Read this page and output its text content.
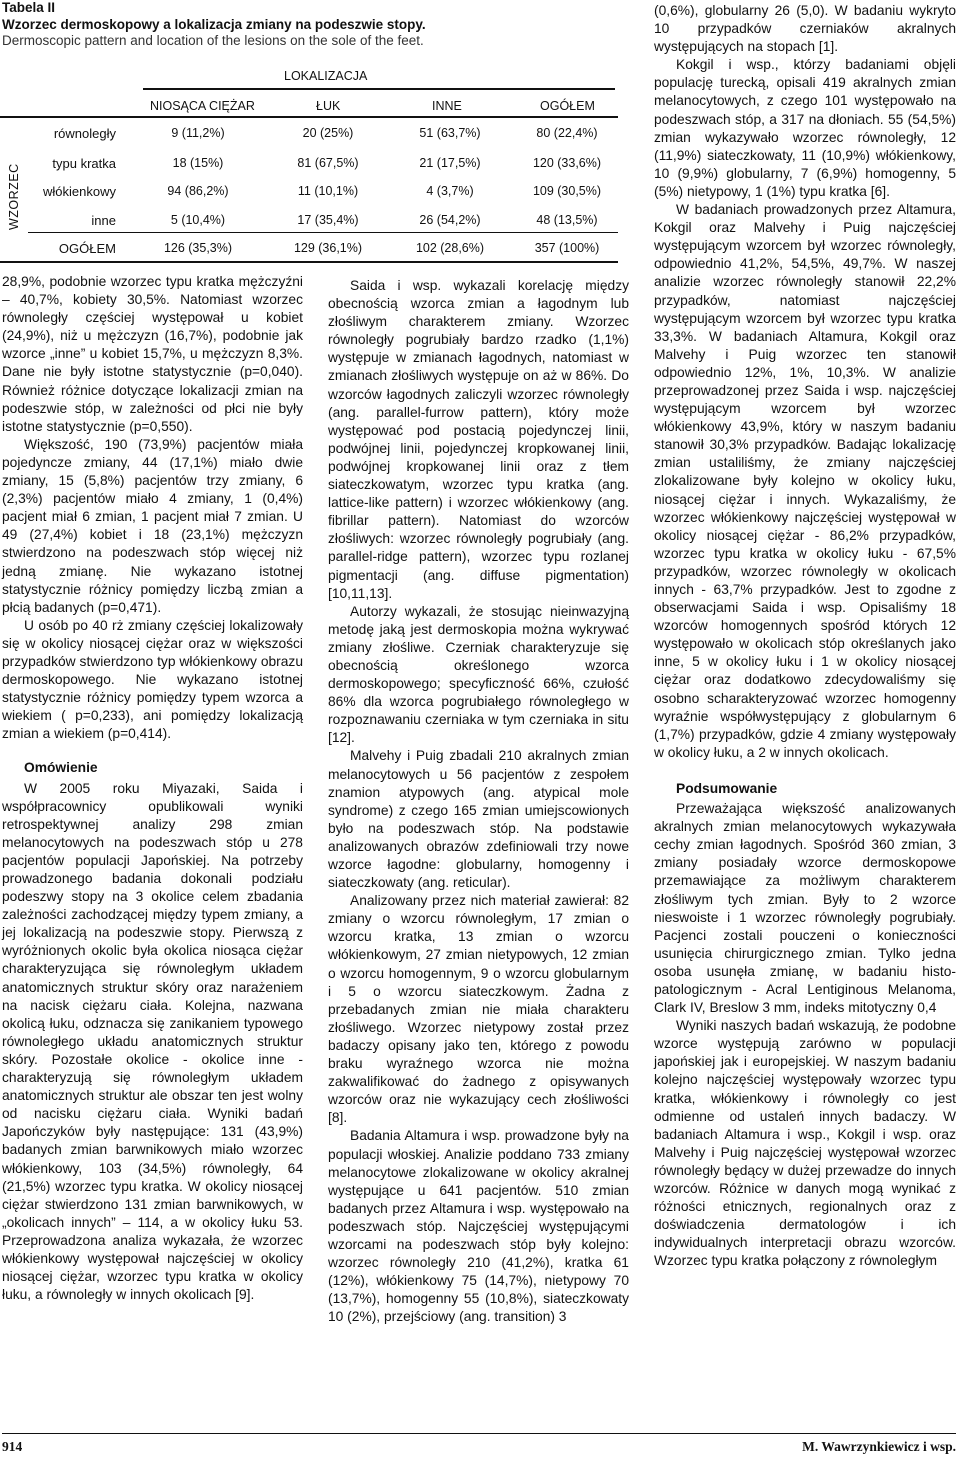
Tabela II
Wzorzec dermoskopowy a lokalizacja zmiany na podeszwie stopy.
Dermoscopic pattern and location of the lesions on the sole of the feet.
LOKALIZACJA
NIOSĄCA CIĘŻAR	ŁUK	INNE	OGÓŁEM
WZORZEC
równoległy	9 (11,2%)	20 (25%)	51 (63,7%)	80 (22,4%)
typu kratka	18 (15%)	81 (67,5%)	21 (17,5%)	120 (33,6%)
włókienkowy	94 (86,2%)	11 (10,1%)	4 (3,7%)	109 (30,5%)
inne	5 (10,4%)	17 (35,4%)	26 (54,2%)	48 (13,5%)
OGÓŁEM	126 (35,3%)	129 (36,1%)	102 (28,6%)	357 (100%)

28,9%, podobnie wzorzec typu kratka mężczyźni – 40,7%, kobiety 30,5%. Natomiast wzorzec równoległy częściej występował u kobiet (24,9%), niż u mężczyzn (16,7%), podobnie jak wzorce „inne” u kobiet 15,7%, u mężczyzn 8,3%. Dane nie były istotne statystycznie (p=0,040). Również różnice dotyczące lokalizacji zmian na podeszwie stóp, w zależności od płci nie były istotne statystycznie (p=0,550).

Większość, 190 (73,9%) pacjentów miała pojedyncze zmiany, 44 (17,1%) miało dwie zmiany, 15 (5,8%) pacjentów trzy zmiany, 6 (2,3%) pacjentów miało 4 zmiany, 1 (0,4%) pacjent miał 6 zmian, 1 pacjent miał 7 zmian. U 49 (27,4%) kobiet i 18 (23,1%) mężczyzn stwierdzono na podeszwach stóp więcej niż jedną zmianę. Nie wykazano istotnej statystycznie różnicy pomiędzy liczbą zmian a płcią badanych (p=0,471).

U osób po 40 rż zmiany częściej lokalizowały się w okolicy niosącej ciężar oraz w większości przypadków stwierdzono typ włókienkowy obrazu dermoskopowego. Nie wykazano istotnej statystycznie różnicy pomiędzy typem wzorca a wiekiem ( p=0,233), ani pomiędzy lokalizacją zmian a wiekiem (p=0,414).

Omówienie

W 2005 roku Miyazaki, Saida i współpracownicy opublikowali wyniki retrospektywnej analizy 298 zmian melanocytowych na podeszwach stóp u 278 pacjentów populacji Japońskiej. Na potrzeby prowadzonego badania dokonali podziału podeszwy stopy na 3 okolice celem zbadania zależności zachodzącej między typem zmiany, a jej lokalizacją na podeszwie stopy. Pierwszą z wyróżnionych okolic była okolica niosąca ciężar charakteryzująca się równoległym układem anatomicznych struktur skóry oraz narażeniem na nacisk ciężaru ciała. Kolejna, nazwana okolicą łuku, odznacza się zanikaniem typowego równoległego układu anatomicznych struktur skóry. Pozostałe okolice - okolice inne - charakteryzują się równoległym układem anatomicznych struktur ale obszar ten jest wolny od nacisku ciężaru ciała. Wyniki badań Japończyków były następujące: 131 (43,9%) badanych zmian barwnikowych miało wzorzec włókienkowy, 103 (34,5%) równoległy, 64 (21,5%) wzorzec typu kratka. W okolicy niosącej ciężar stwierdzono 131 zmian barwnikowych, w „okolicach innych” – 114, a w okolicy łuku 53. Przeprowadzona analiza wykazała, że wzorzec włókienkowy występował najczęściej w okolicy niosącej ciężar, wzorzec typu kratka w okolicy łuku, a równoległy w innych okolicach [9].

Saida i wsp. wykazali korelację między obecnością wzorca zmian a łagodnym lub złośliwym charakterem zmiany. Wzorzec równoległy pogrubiały bardzo rzadko (1,1%) występuje w zmianach łagodnych, natomiast w zmianach złośliwych występuje on aż w 86%. Do wzorców łagodnych zaliczyli wzorzec równoległy (ang. parallel-furrow pattern), który może występować pod postacią pojedynczej linii, podwójnej linii, pojedynczej kropkowanej linii, podwójnej kropkowanej linii oraz z tłem siateczkowatym, wzorzec typu kratka (ang. lattice-like pattern) i wzorzec włókienkowy (ang. fibrillar pattern). Natomiast do wzorców złośliwych: wzorzec równoległy pogrubiały (ang. parallel-ridge pattern), wzorzec typu rozlanej pigmentacji (ang. diffuse pigmentation) [10,11,13].

Autorzy wykazali, że stosując nieinwazyjną metodę jaką jest dermoskopia można wykrywać zmiany złośliwe. Czerniak charakteryzuje się obecnością określonego wzorca dermoskopowego; specyficzność 66%, czułość 86% dla wzorca pogrubiałego równoległego w rozpoznawaniu czerniaka w tym czerniaka in situ [12].

Malvehy i Puig zbadali 210 akralnych zmian melanocytowych u 56 pacjentów z zespołem znamion atypowych (ang. atypical mole syndrome) z czego 165 zmian umiejscowionych było na podeszwach stóp. Na podstawie analizowanych obrazów zdefiniowali trzy nowe wzorce łagodne: globularny, homogenny i siateczkowaty (ang. reticular).

Analizowany przez nich materiał zawierał: 82 zmiany o wzorcu równoległym, 17 zmian o wzorcu kratka, 13 zmian o wzorcu włókienkowym, 27 zmian nietypowych, 12 zmian o wzorcu homogennym, 9 o wzorcu globularnym i 5 o wzorcu siateczkowym. Żadna z przebadanych zmian nie miała charakteru złośliwego. Wzorzec nietypowy został przez badaczy opisany jako ten, którego z powodu braku wyraźnego wzorca nie można zakwalifikować do żadnego z opisywanych wzorców oraz nie wykazujący cech złośliwości [8].

Badania Altamura i wsp. prowadzone były na populacji włoskiej. Analizie poddano 733 zmiany melanocytowe zlokalizowane w okolicy akralnej występujące u 641 pacjentów. 510 zmian badanych przez Altamura i wsp. występowało na podeszwach stóp. Najczęściej występującymi wzorcami na podeszwach stóp były kolejno: wzorzec równoległy 210 (41,2%), kratka 61 (12%), włókienkowy 75 (14,7%), nietypowy 70 (13,7%), homogenny 55 (10,8%), siateczkowaty 10 (2%), przejściowy (ang. transition) 3

(0,6%), globularny 26 (5,0). W badaniu wykryto 10 przypadków czerniaków akralnych występujących na stopach [1].

Kokgil i wsp., którzy badaniami objęli populację turecką, opisali 419 akralnych zmian melanocytowych, z czego 101 występowało na podeszwach stóp, a 317 na dłoniach. 55 (54,5%) zmian wykazywało wzorzec równoległy, 12 (11,9%) siateczkowaty, 11 (10,9%) włókienkowy, 10 (9,9%) globularny, 7 (6,9%) homogenny, 5 (5%) nietypowy, 1 (1%) typu kratka [6].

W badaniach prowadzonych przez Altamura, Kokgil oraz Malvehy i Puig najczęściej występującym wzorcem był wzorzec równoległy, odpowiednio 41,2%, 54,5%, 49,7%. W naszej analizie wzorzec równoległy stanowił 22,2% przypadków, natomiast najczęściej występującym wzorcem był wzorzec typu kratka 33,3%. W badaniach Altamura, Kokgil oraz Malvehy i Puig wzorzec ten stanowił odpowiednio 12%, 1%, 10,3%. W analizie przeprowadzonej przez Saida i wsp. najczęściej występującym wzorcem był wzorzec włókienkowy 43,9%, który w naszym badaniu stanowił 30,3% przypadków. Badając lokalizację zmian ustaliliśmy, że zmiany najczęściej zlokalizowane były kolejno w okolicy łuku, niosącej ciężar i innych. Wykazaliśmy, że wzorzec włókienkowy najczęściej występował w okolicy niosącej ciężar - 86,2% przypadków, wzorzec typu kratka w okolicy łuku - 67,5% przypadków, wzorzec równoległy w okolicach innych - 63,7% przypadków. Jest to zgodne z obserwacjami Saida i wsp. Opisaliśmy 18 wzorców homogennych spośród których 12 występowało w okolicach stóp określanych jako inne, 5 w okolicy łuku i 1 w okolicy niosącej ciężar oraz dodatkowo zdecydowaliśmy się osobno scharakteryzować wzorzec homogenny wyraźnie współwystępujący z globularnym 6 (1,7%) przypadków, gdzie 4 zmiany występowały w okolicy łuku, a 2 w innych okolicach.

Podsumowanie

Przeważająca większość analizowanych akralnych zmian melanocytowych wykazywała cechy zmian łagodnych. Spośród 360 zmian, 3 zmiany posiadały wzorce dermoskopowe przemawiające za możliwym charakterem złośliwym tych zmian. Były to 2 wzorce nieswoiste i 1 wzorzec równoległy pogrubiały. Pacjenci zostali pouczeni o konieczności usunięcia chirurgicznego zmian. Tylko jedna osoba usunęła zmianę, w badaniu histo-patologicznym - Acral Lentiginous Melanoma, Clark IV, Breslow 3 mm, indeks mitotyczny 0,4

Wyniki naszych badań wskazują, że podobne wzorce występują zarówno w populacji japońskiej jak i europejskiej. W naszym badaniu kolejno najczęściej występowały wzorzec typu kratka, włókienkowy i równoległy co jest odmienne od ustaleń innych badaczy. W badaniach Altamura i wsp., Kokgil i wsp. oraz Malvehy i Puig najczęściej występował wzorzec równoległy będący w dużej przewadze do innych wzorców. Różnice w danych mogą wynikać z różności etnicznych, regionalnych oraz z doświadczenia dermatologów i ich indywidualnych interpretacji obrazu wzorców. Wzorzec typu kratka połączony z równoległym

914	M. Wawrzynkiewicz i wsp.
